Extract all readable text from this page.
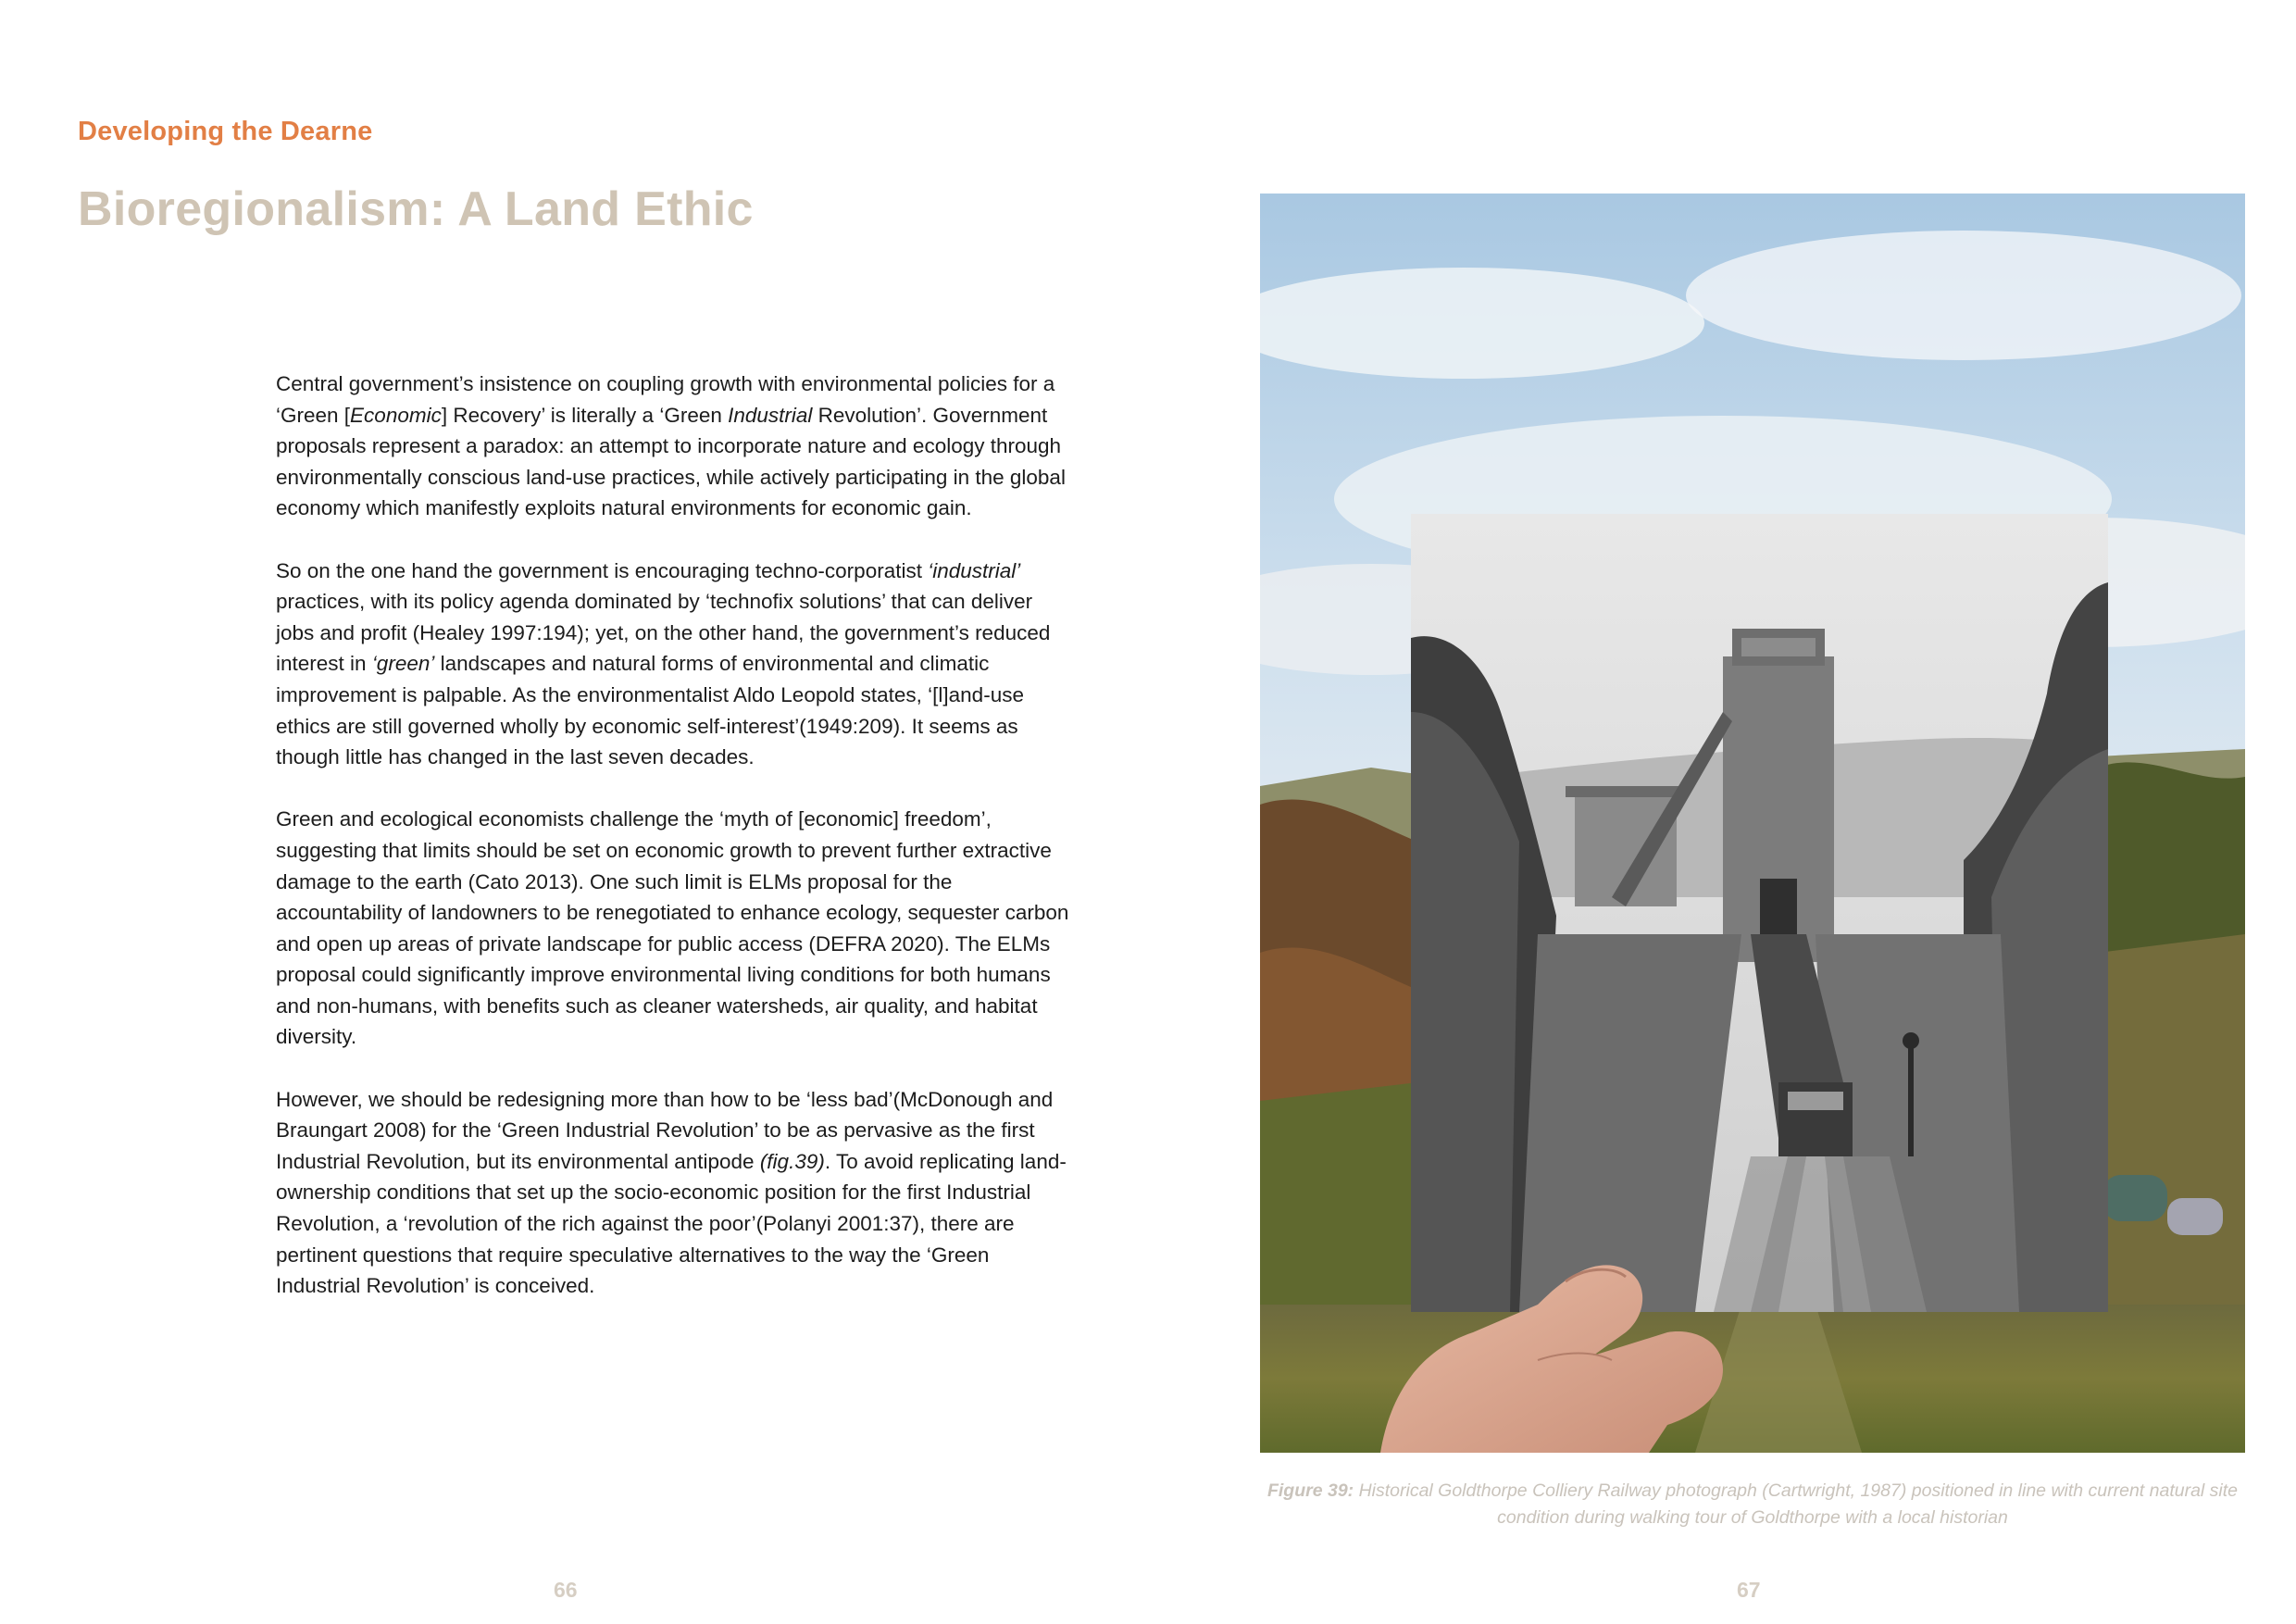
Developing the Dearne
Bioregionalism: A Land Ethic

Central government’s insistence on coupling growth with environmental policies for a ‘Green [Economic] Recovery’ is literally a ‘Green Industrial Revolution’. Government proposals represent a paradox: an attempt to incorporate nature and ecology through environmentally conscious land-use practices, while actively participating in the global economy which manifestly exploits natural environments for economic gain.

So on the one hand the government is encouraging techno-corporatist ‘industrial’ practices, with its policy agenda dominated by ‘technofix solutions’ that can deliver jobs and profit (Healey 1997:194); yet, on the other hand, the government’s reduced interest in ‘green’ landscapes and natural forms of environmental and climatic improvement is palpable. As the environmentalist Aldo Leopold states, ‘[l]and-use ethics are still governed wholly by economic self-interest’(1949:209). It seems as though little has changed in the last seven decades.

Green and ecological economists challenge the ‘myth of [economic] freedom’, suggesting that limits should be set on economic growth to prevent further extractive damage to the earth (Cato 2013). One such limit is ELMs proposal for the accountability of landowners to be renegotiated to enhance ecology, sequester carbon and open up areas of private landscape for public access (DEFRA 2020). The ELMs proposal could significantly improve environmental living conditions for both humans and non-humans, with benefits such as cleaner watersheds, air quality, and habitat diversity.

However, we should be redesigning more than how to be ‘less bad’(McDonough and Braungart 2008) for the ‘Green Industrial Revolution’ to be as pervasive as the first Industrial Revolution, but its environmental antipode (fig.39). To avoid replicating land-ownership conditions that set up the socio-economic position for the first Industrial Revolution, a ‘revolution of the rich against the poor’(Polanyi 2001:37), there are pertinent questions that require speculative alternatives to the way the ‘Green Industrial Revolution’ is conceived.

Figure 39: Historical Goldthorpe Colliery Railway photograph (Cartwright, 1987) positioned in line with current natural site condition during walking tour of Goldthorpe with a local historian
66	67
